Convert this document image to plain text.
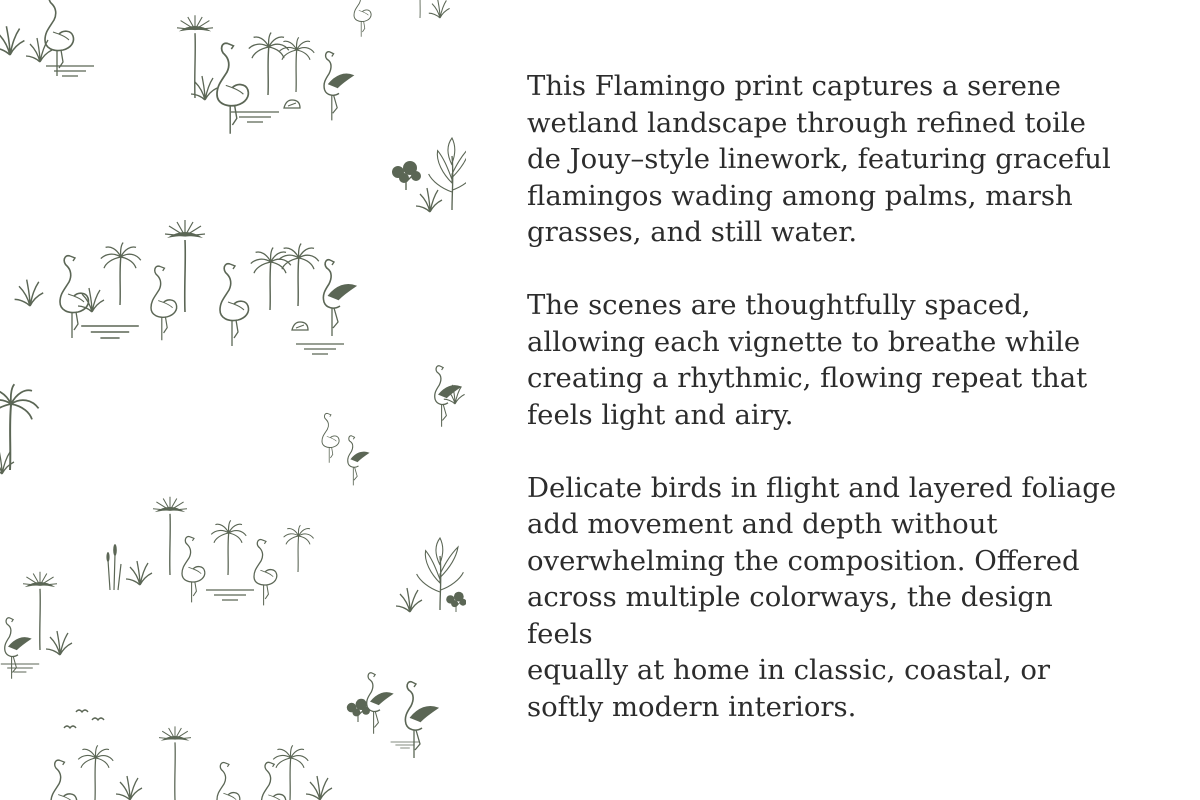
This Flamingo print captures a serene
wetland landscape through refined toile
de Jouy–style linework, featuring graceful
flamingos wading among palms, marsh
grasses, and still water.

The scenes are thoughtfully spaced,
allowing each vignette to breathe while
creating a rhythmic, flowing repeat that
feels light and airy.

Delicate birds in flight and layered foliage
add movement and depth without
overwhelming the composition. Offered
across multiple colorways, the design feels
equally at home in classic, coastal, or
softly modern interiors.
